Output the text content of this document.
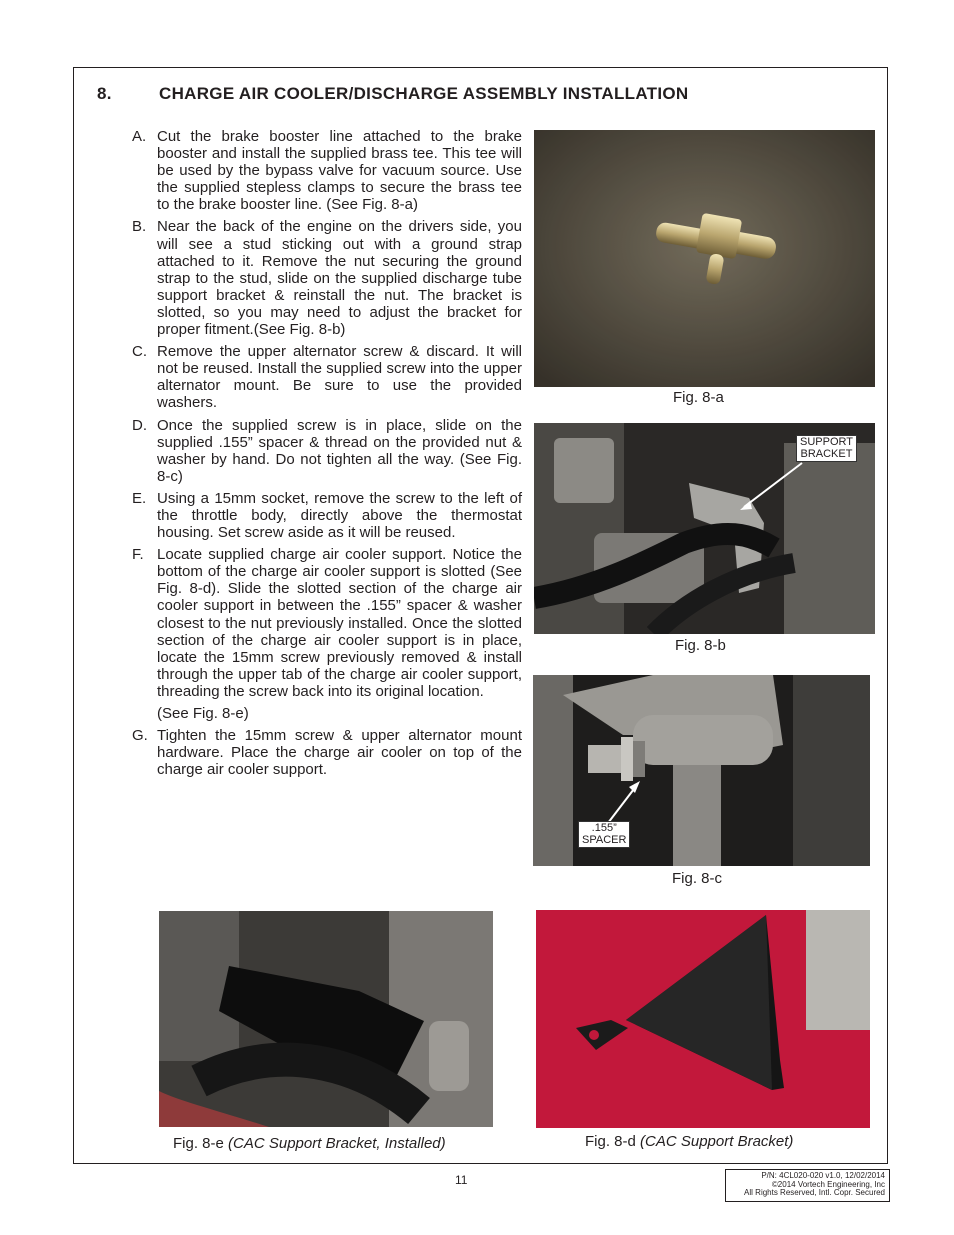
8.	CHARGE AIR COOLER/DISCHARGE ASSEMBLY INSTALLATION
A. Cut the brake booster line attached to the brake booster and install the supplied brass tee. This tee will be used by the bypass valve for vacuum source. Use the supplied stepless clamps to secure the brass tee to the brake booster line. (See Fig. 8-a)
B. Near the back of the engine on the drivers side, you will see a stud sticking out with a ground strap attached to it. Remove the nut securing the ground strap to the stud, slide on the supplied discharge tube support bracket & reinstall the nut. The bracket is slotted, so you may need to adjust the bracket for proper fitment.(See Fig. 8-b)
C. Remove the upper alternator screw & discard. It will not be reused. Install the supplied screw into the upper alternator mount. Be sure to use the provided washers.
D. Once the supplied screw is in place, slide on the supplied .155” spacer & thread on the provided nut & washer by hand. Do not tighten all the way. (See Fig. 8-c)
E. Using a 15mm socket, remove the screw to the left of the throttle body, directly above the thermostat housing. Set screw aside as it will be reused.
F. Locate supplied charge air cooler support. Notice the bottom of the charge air cooler support is slotted (See Fig. 8-d). Slide the slotted section of the charge air cooler support in between the .155” spacer & washer closest to the nut previously installed. Once the slotted section of the charge air cooler support is in place, locate the 15mm screw previously removed & install through the upper tab of the charge air cooler support, threading the screw back into its original location.
(See Fig. 8-e)
G. Tighten the 15mm screw & upper alternator mount hardware. Place the charge air cooler on top of the charge air cooler support.
Fig. 8-a
SUPPORT
BRACKET
Fig. 8-b
.155”
SPACER
Fig. 8-c
Fig. 8-e (CAC Support Bracket, Installed)	Fig. 8-d (CAC Support Bracket)
11	P/N: 4CL020-020 v1.0, 12/02/2014
©2014 Vortech Engineering, Inc
All Rights Reserved, Intl. Copr. Secured
